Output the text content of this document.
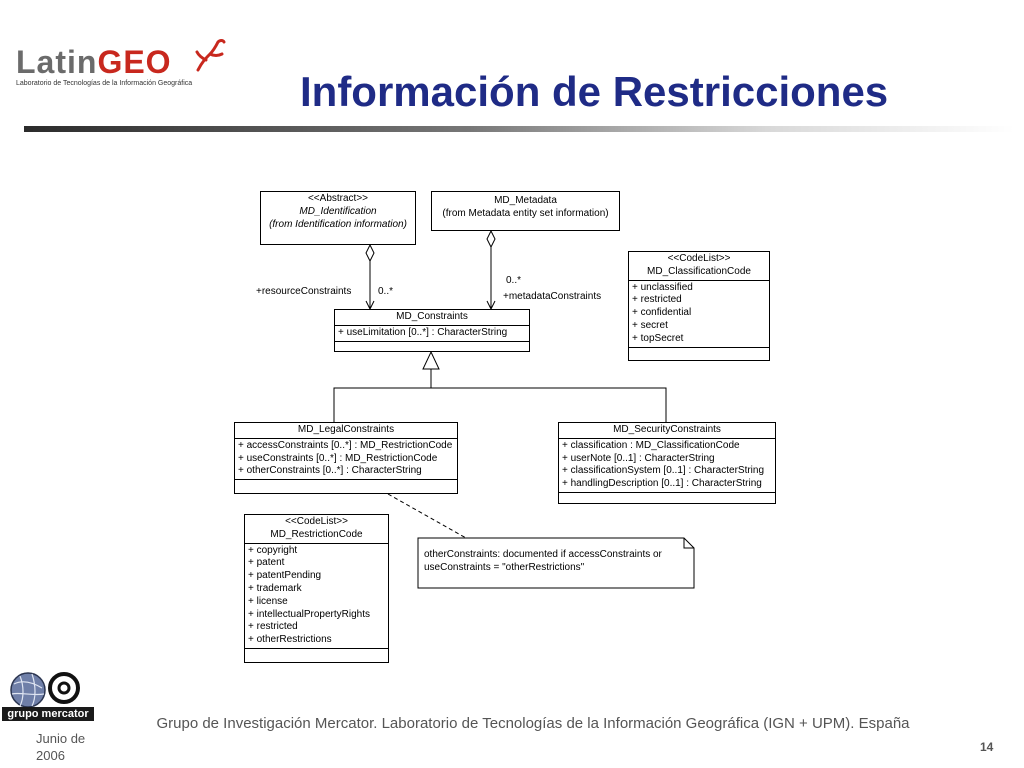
LatinGEO
Laboratorio de Tecnologías de la Información Geográfica	Información de Restricciones
<<Abstract>>
MD_Identification
(from Identification information)
MD_Metadata
(from Metadata entity set information)
MD_Constraints
+ useLimitation [0..*] : CharacterString
<<CodeList>>
MD_ClassificationCode
+ unclassified
+ restricted
+ confidential
+ secret
+ topSecret
MD_LegalConstraints
+ accessConstraints [0..*] : MD_RestrictionCode
+ useConstraints [0..*] : MD_RestrictionCode
+ otherConstraints [0..*] : CharacterString
MD_SecurityConstraints
+ classification : MD_ClassificationCode
+ userNote [0..1] : CharacterString
+ classificationSystem [0..1] : CharacterString
+ handlingDescription [0..1] : CharacterString
<<CodeList>>
MD_RestrictionCode
+ copyright
+ patent
+ patentPending
+ trademark
+ license
+ intellectualPropertyRights
+ restricted
+ otherRestrictions
+resourceConstraints	0..*
0..*
+metadataConstraints
otherConstraints: documented if accessConstraints or useConstraints = "otherRestrictions"
grupo mercator
Junio de 2006
Grupo de Investigación Mercator. Laboratorio de Tecnologías de la Información Geográfica (IGN + UPM). España
14
